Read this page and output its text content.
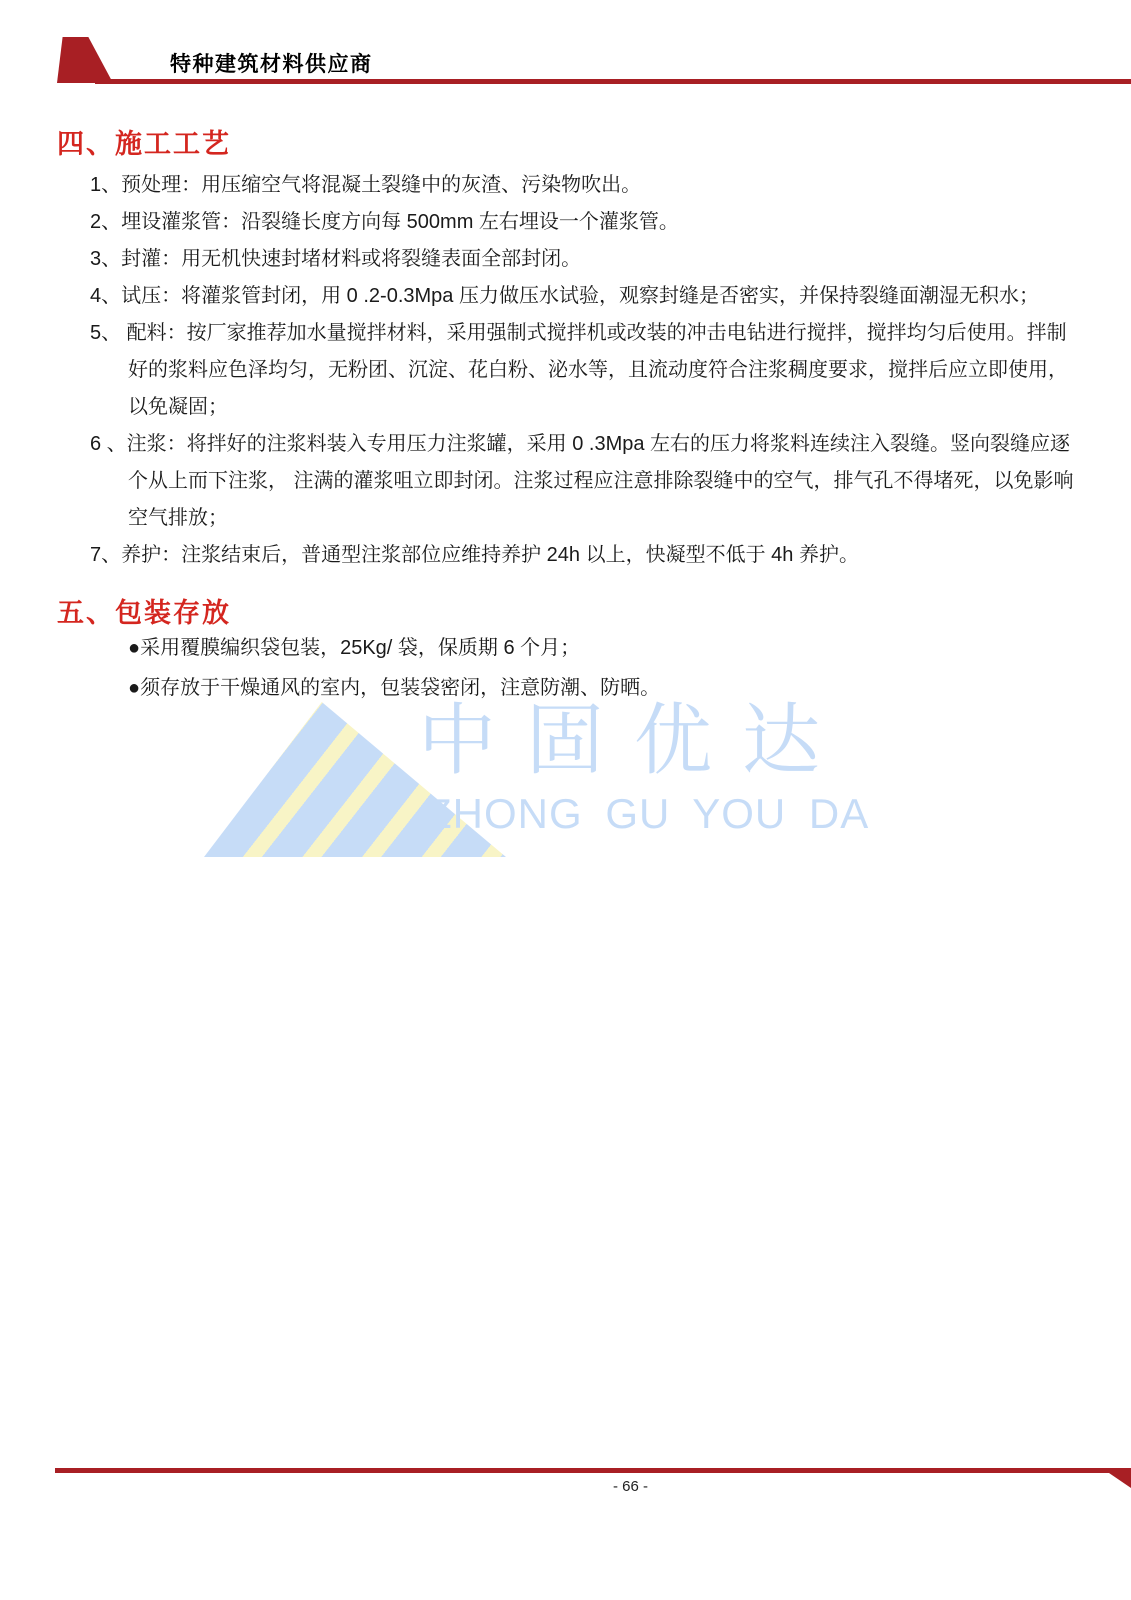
特种建筑材料供应商
中固优达
ZHONG GU YOU DA
四、施工工艺

1、预处理：用压缩空气将混凝土裂缝中的灰渣、污染物吹出。

2、埋设灌浆管：沿裂缝长度方向每 500mm 左右埋设一个灌浆管。

3、封灌：用无机快速封堵材料或将裂缝表面全部封闭。

4、试压：将灌浆管封闭，用 0 .2-0.3Mpa 压力做压水试验，观察封缝是否密实，并保持裂缝面潮湿无积水；

5、 配料：按厂家推荐加水量搅拌材料，采用强制式搅拌机或改装的冲击电钻进行搅拌，搅拌均匀后使用。拌制好的浆料应色泽均匀，无粉团、沉淀、花白粉、泌水等，且流动度符合注浆稠度要求，搅拌后应立即使用，以免凝固；

6 、注浆：将拌好的注浆料装入专用压力注浆罐，采用 0 .3Mpa 左右的压力将浆料连续注入裂缝。竖向裂缝应逐个从上而下注浆， 注满的灌浆咀立即封闭。注浆过程应注意排除裂缝中的空气，排气孔不得堵死，以免影响空气排放；

7、养护：注浆结束后，普通型注浆部位应维持养护 24h 以上，快凝型不低于 4h 养护。

五、包装存放

●采用覆膜编织袋包装，25Kg/ 袋，保质期 6 个月；

●须存放于干燥通风的室内，包装袋密闭，注意防潮、防晒。

- 66 -
